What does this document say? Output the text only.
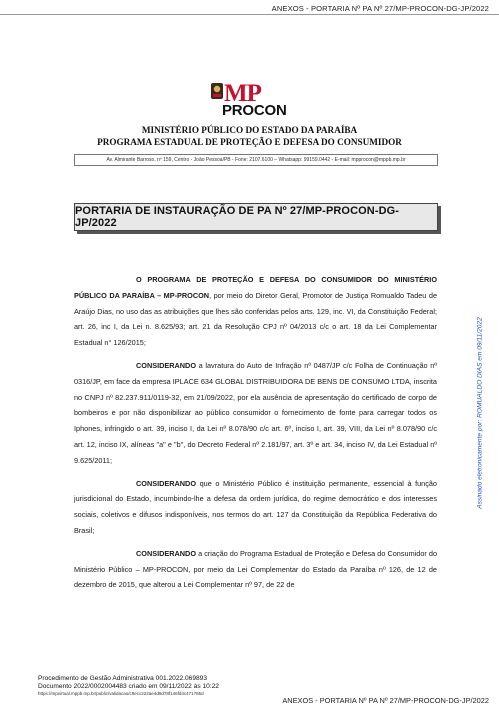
ANEXOS - PORTARIA Nº PA Nº 27/MP-PROCON-DG-JP/2022
MP
PROCON
MINISTÉRIO PÚBLICO DO ESTADO DA PARAÍBA
PROGRAMA ESTADUAL DE PROTEÇÃO E DEFESA DO CONSUMIDOR
Av. Almirante Barroso, nº 159, Centro - João Pessoa/PB - Fone: 2107.6100 – Whatsapp: 99159.0442 - E-mail: mpprocon@mppb.mp.br
PORTARIA DE INSTAURAÇÃO DE PA Nº 27/MP-PROCON-DG-JP/2022

O PROGRAMA DE PROTEÇÃO E DEFESA DO CONSUMIDOR DO MINISTÉRIO PÚBLICO DA PARAÍBA – MP-PROCON, por meio do Diretor Geral, Promotor de Justiça Romualdo Tadeu de Araújo Dias, no uso das as atribuições que lhes são conferidas pelos arts. 129, inc. VI, da Constituição Federal; art. 26, inc I, da Lei n. 8.625/93; art. 21 da Resolução CPJ nº 04/2013 c/c o art. 18 da Lei Complementar Estadual n° 126/2015;

CONSIDERANDO a lavratura do Auto de Infração nº 0487/JP c/c Folha de Continuação nº 0316/JP, em face da empresa IPLACE 634 GLOBAL DISTRIBUIDORA DE BENS DE CONSUMO LTDA, inscrita no CNPJ nº 82.237.911/0119-32, em 21/09/2022, por ela ausência de apresentação do certificado de corpo de bombeiros e por não disponibilizar ao público consumidor o fornecimento de fonte para carregar todos os Iphones, infringido o art. 39, inciso I, da Lei nº 8.078/90 c/c art. 6º, inciso I, art. 39, VIII, da Lei nº 8.078/90 c/c art. 12, inciso IX, alíneas "a" e "b", do Decreto Federal nº 2.181/97, art. 3º e art. 34, inciso IV, da Lei Estadual nº 9.625/2011;

CONSIDERANDO que o Ministério Público é instituição permanente, essencial à função jurisdicional do Estado, incumbindo-lhe a defesa da ordem jurídica, do regime democrático e dos interesses sociais, coletivos e difusos indisponíveis, nos termos do art. 127 da Constituição da República Federativa do Brasil;

CONSIDERANDO a criação do Programa Estadual de Proteção e Defesa do Consumidor do Ministério Público – MP-PROCON, por meio da Lei Complementar do Estado da Paraíba nº 126, de 12 de dezembro de 2015, que alterou a Lei Complementar nº 97, de 22 de

Assinado eletronicamente por: ROMUALDO DIAS em 09/11/2022
Procedimento de Gestão Administrativa 001.2022.069893
Documento 2022/0002004483 criado em 09/11/2022 às 10:22
https://mpvirtual.mppb.mp.br/public/validacao/c9ecc222ae4d9d78f146fd4c471785d
ANEXOS - PORTARIA Nº PA Nº 27/MP-PROCON-DG-JP/2022
